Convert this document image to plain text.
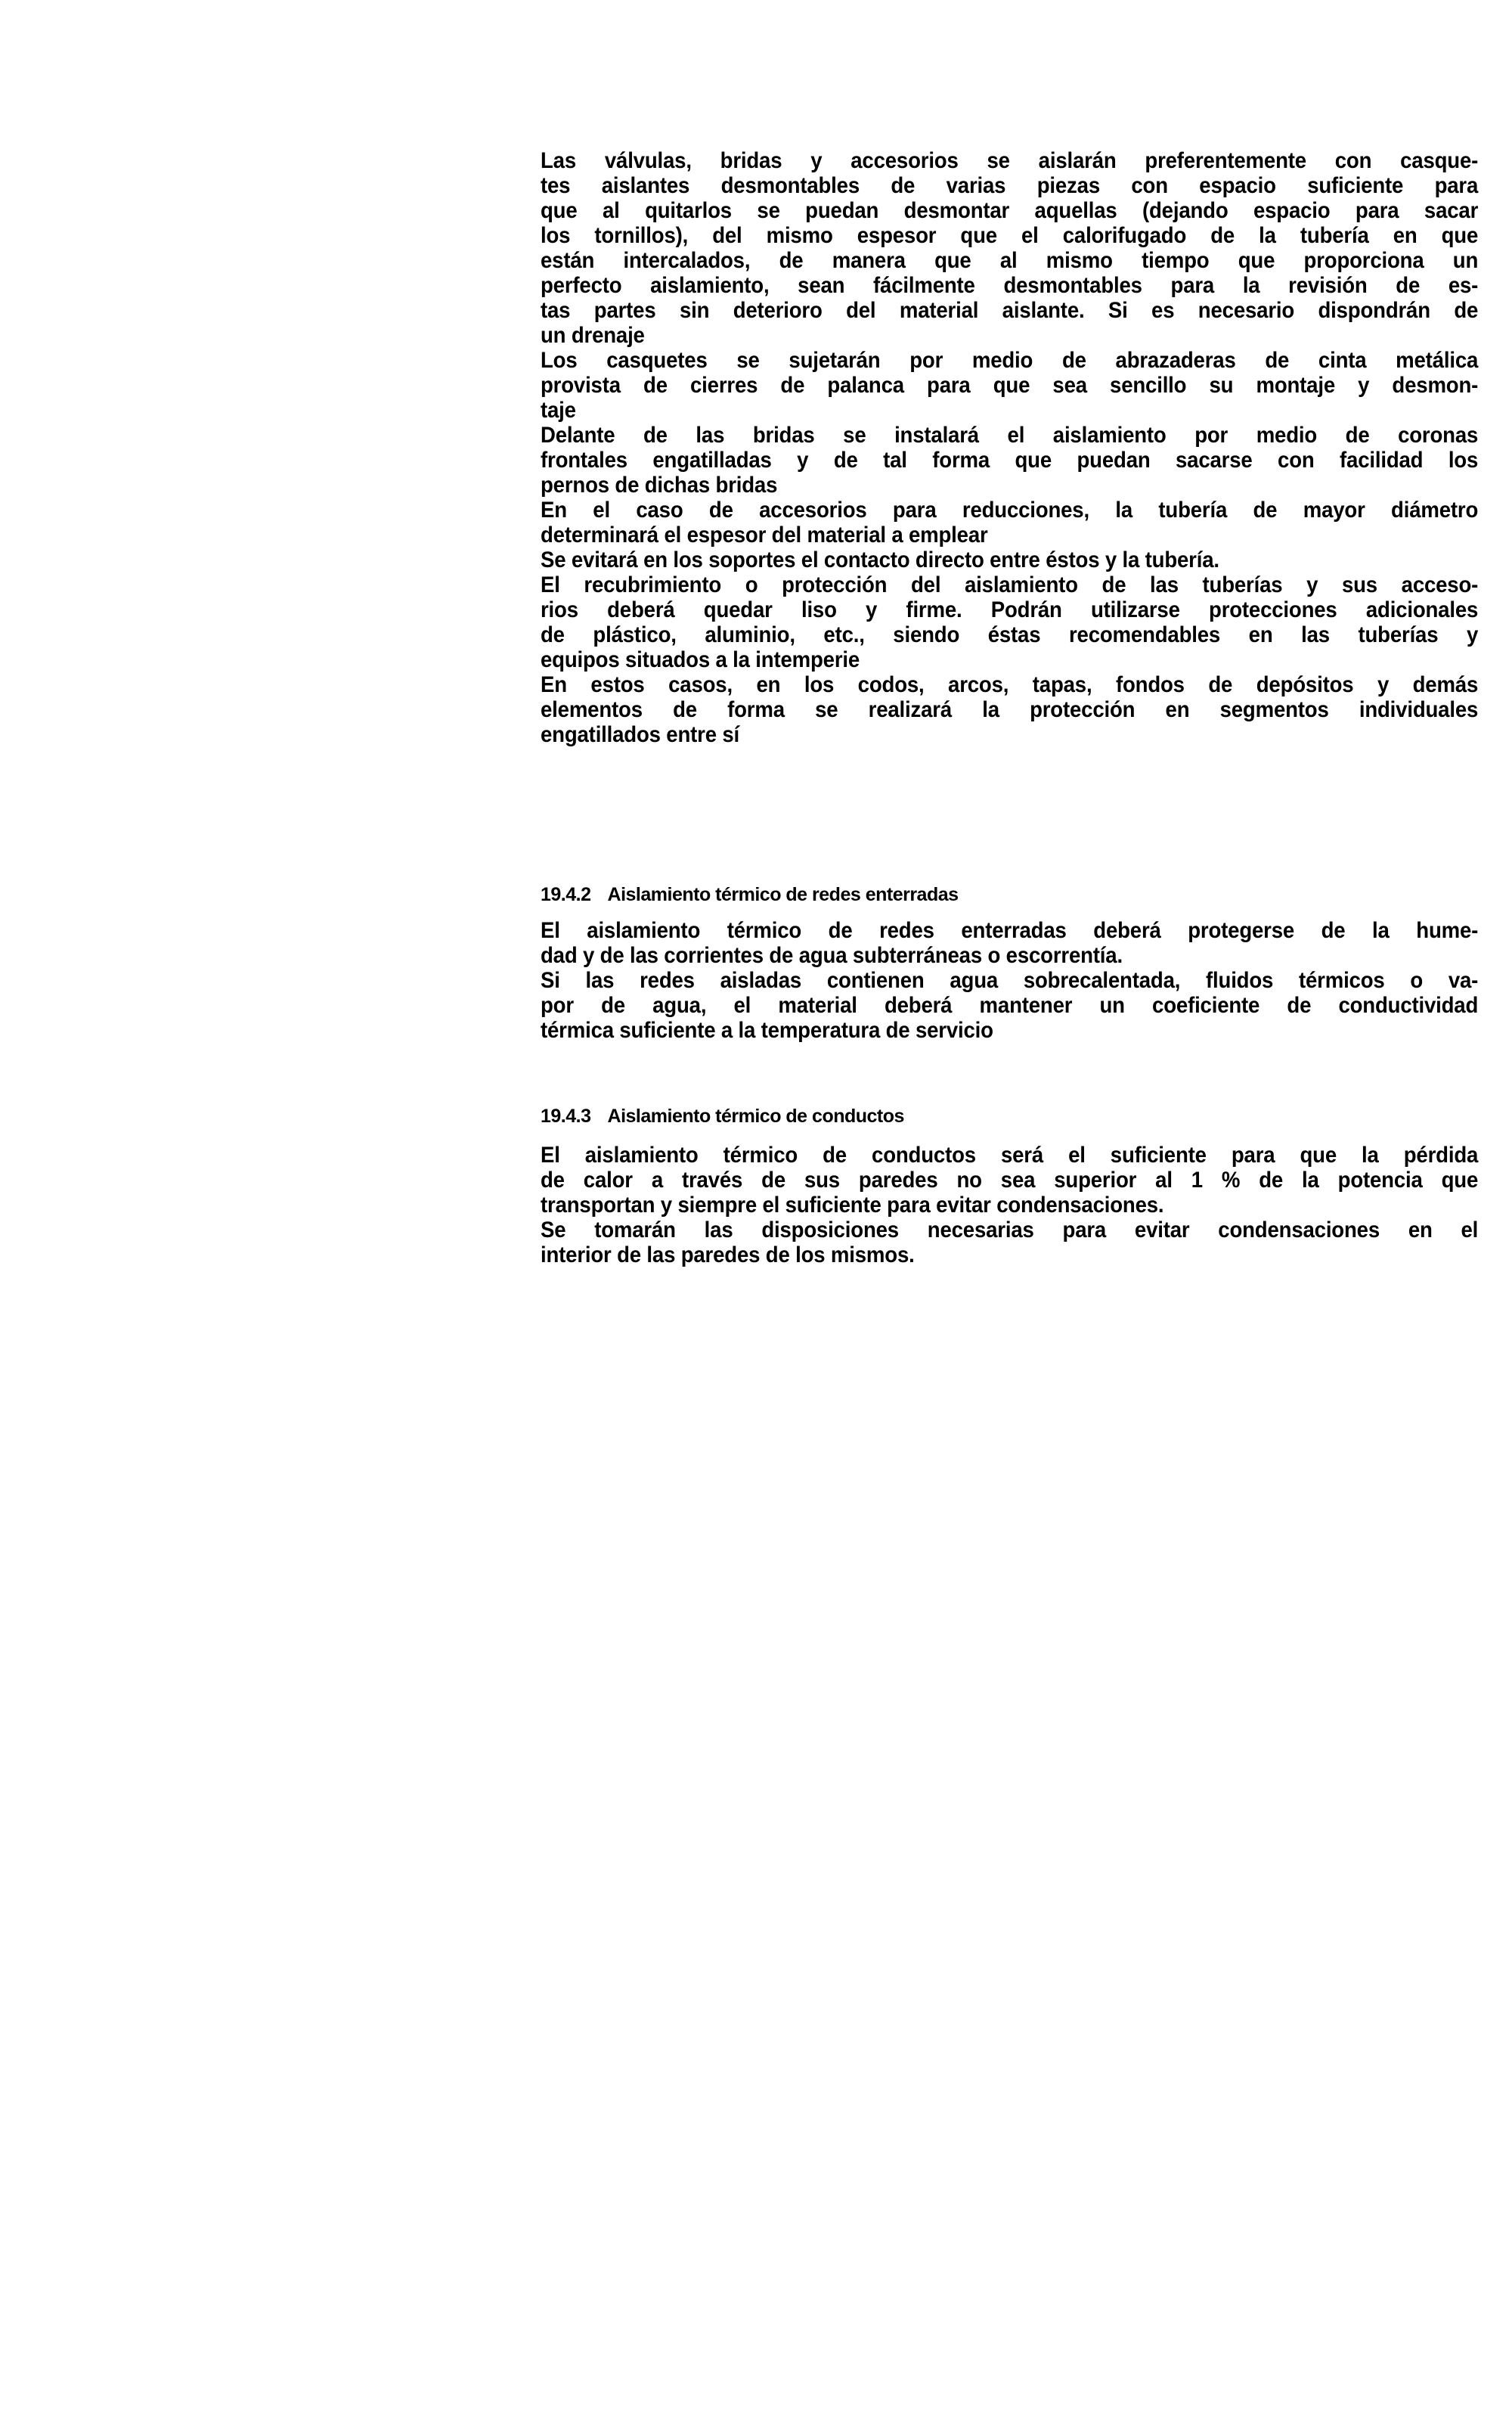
Las válvulas, bridas y accesorios se aislarán preferentemente con casque-
tes aislantes desmontables de varias piezas con espacio suficiente para
que al quitarlos se puedan desmontar aquellas (dejando espacio para sacar
los tornillos), del mismo espesor que el calorifugado de la tubería en que
están intercalados, de manera que al mismo tiempo que proporciona un
perfecto aislamiento, sean fácilmente desmontables para la revisión de es-
tas partes sin deterioro del material aislante. Si es necesario dispondrán de
un drenaje
Los casquetes se sujetarán por medio de abrazaderas de cinta metálica
provista de cierres de palanca para que sea sencillo su montaje y desmon-
taje
Delante de las bridas se instalará el aislamiento por medio de coronas
frontales engatilladas y de tal forma que puedan sacarse con facilidad los
pernos de dichas bridas
En el caso de accesorios para reducciones, la tubería de mayor diámetro
determinará el espesor del material a emplear
Se evitará en los soportes el contacto directo entre éstos y la tubería.
El recubrimiento o protección del aislamiento de las tuberías y sus acceso-
rios deberá quedar liso y firme. Podrán utilizarse protecciones adicionales
de plástico, aluminio, etc., siendo éstas recomendables en las tuberías y
equipos situados a la intemperie
En estos casos, en los codos, arcos, tapas, fondos de depósitos y demás
elementos de forma se realizará la protección en segmentos individuales
engatillados entre sí
19.4.2 Aislamiento térmico de redes enterradas
El aislamiento térmico de redes enterradas deberá protegerse de la hume-
dad y de las corrientes de agua subterráneas o escorrentía.
Si las redes aisladas contienen agua sobrecalentada, fluidos térmicos o va-
por de agua, el material deberá mantener un coeficiente de conductividad
térmica suficiente a la temperatura de servicio
19.4.3 Aislamiento térmico de conductos
El aislamiento térmico de conductos será el suficiente para que la pérdida
de calor a través de sus paredes no sea superior al 1 % de la potencia que
transportan y siempre el suficiente para evitar condensaciones.
Se tomarán las disposiciones necesarias para evitar condensaciones en el
interior de las paredes de los mismos.
